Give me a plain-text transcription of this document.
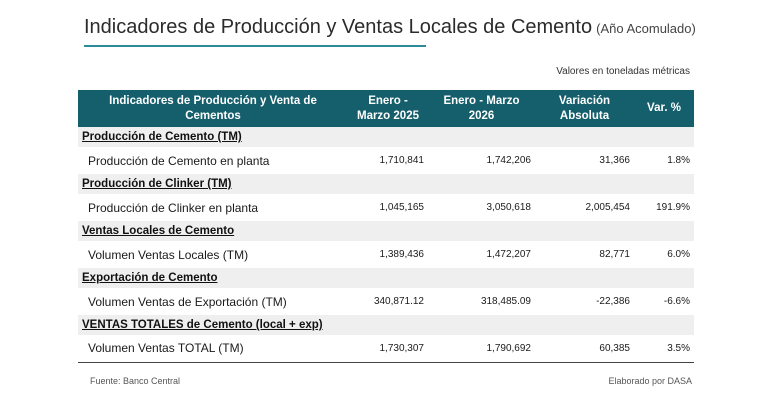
Indicadores de Producción y Ventas Locales de Cemento (Año Acomulado)
Valores en toneladas métricas
Indicadores de Producción y Venta de Cementos	Enero - Marzo 2025	Enero - Marzo 2026	Variación Absoluta	Var. %
Producción de Cemento (TM)				
Producción de Cemento en planta	1,710,841	1,742,206	31,366	1.8%
Producción de Clinker (TM)				
Producción de Clinker en planta	1,045,165	3,050,618	2,005,454	191.9%
Ventas Locales de Cemento				
Volumen Ventas Locales (TM)	1,389,436	1,472,207	82,771	6.0%
Exportación de Cemento				
Volumen Ventas de Exportación (TM)	340,871.12	318,485.09	-22,386	-6.6%
VENTAS TOTALES de Cemento (local + exp)				
Volumen Ventas TOTAL (TM)	1,730,307	1,790,692	60,385	3.5%
Fuente: Banco Central	Elaborado por DASA
